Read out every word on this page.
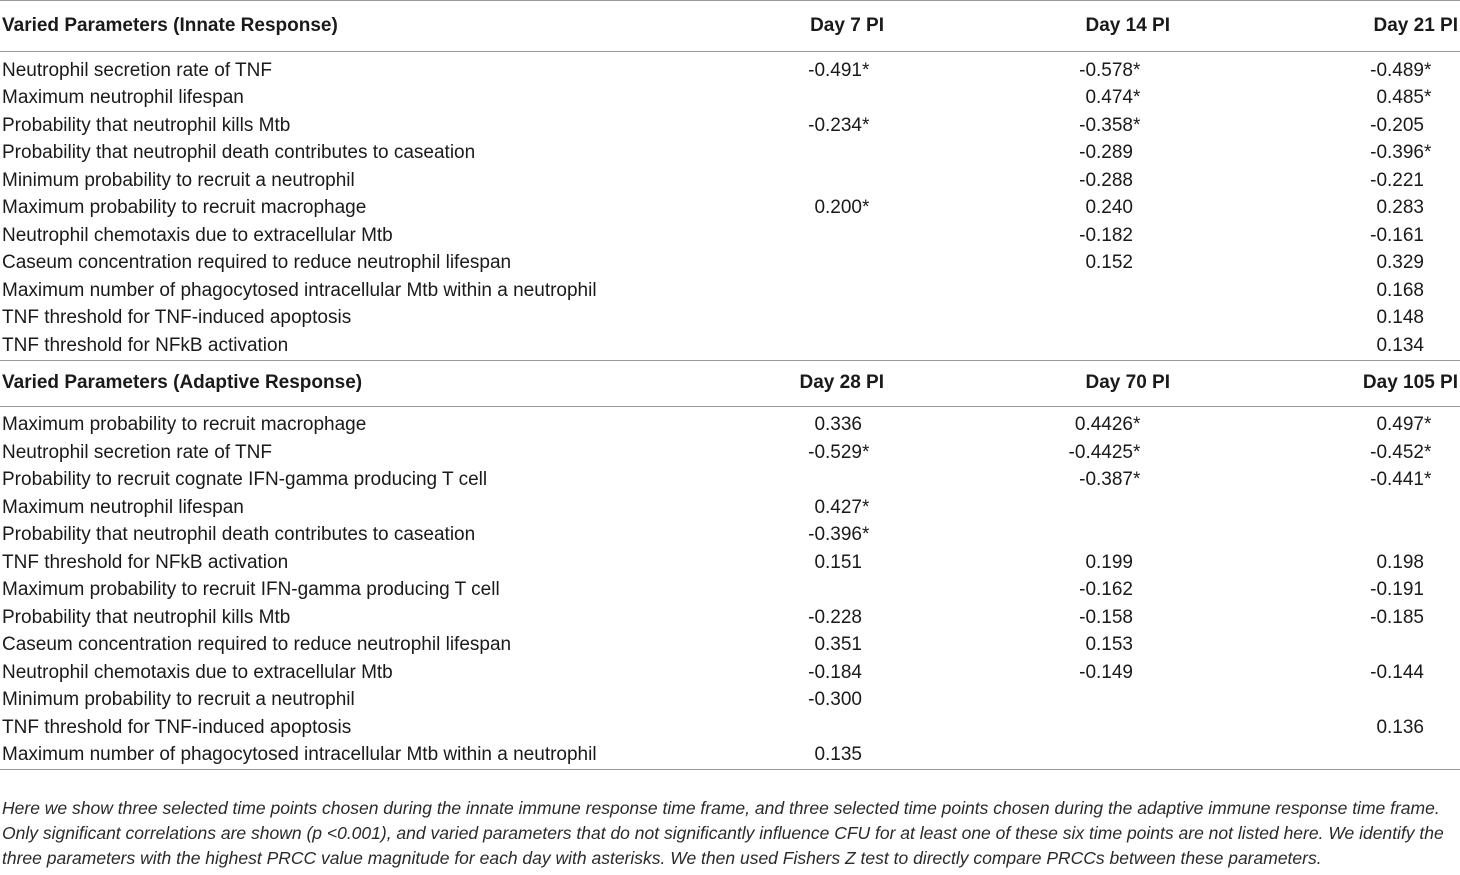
Varied Parameters (Innate Response)	Day 7 PI	Day 14 PI	Day 21 PI

Neutrophil secretion rate of TNF	-0.491*	-0.578*	-0.489*
Maximum neutrophil lifespan		0.474*	0.485*
Probability that neutrophil kills Mtb	-0.234*	-0.358*	-0.205
Probability that neutrophil death contributes to caseation		-0.289	-0.396*
Minimum probability to recruit a neutrophil		-0.288	-0.221
Maximum probability to recruit macrophage	0.200*	0.240	0.283
Neutrophil chemotaxis due to extracellular Mtb		-0.182	-0.161
Caseum concentration required to reduce neutrophil lifespan		0.152	0.329
Maximum number of phagocytosed intracellular Mtb within a neutrophil			0.168
TNF threshold for TNF-induced apoptosis			0.148
TNF threshold for NFkB activation			0.134
Varied Parameters (Adaptive Response)	Day 28 PI	Day 70 PI	Day 105 PI

Maximum probability to recruit macrophage	0.336	0.4426*	0.497*
Neutrophil secretion rate of TNF	-0.529*	-0.4425*	-0.452*
Probability to recruit cognate IFN-gamma producing T cell		-0.387*	-0.441*
Maximum neutrophil lifespan	0.427*		
Probability that neutrophil death contributes to caseation	-0.396*		
TNF threshold for NFkB activation	0.151	0.199	0.198
Maximum probability to recruit IFN-gamma producing T cell		-0.162	-0.191
Probability that neutrophil kills Mtb	-0.228	-0.158	-0.185
Caseum concentration required to reduce neutrophil lifespan	0.351	0.153	
Neutrophil chemotaxis due to extracellular Mtb	-0.184	-0.149	-0.144
Minimum probability to recruit a neutrophil	-0.300		
TNF threshold for TNF-induced apoptosis			0.136
Maximum number of phagocytosed intracellular Mtb within a neutrophil	0.135		

Here we show three selected time points chosen during the innate immune response time frame, and three selected time points chosen during the adaptive immune response time frame.

Only significant correlations are shown (p <0.001), and varied parameters that do not significantly influence CFU for at least one of these six time points are not listed here. We identify the

three parameters with the highest PRCC value magnitude for each day with asterisks. We then used Fishers Z test to directly compare PRCCs between these parameters.
